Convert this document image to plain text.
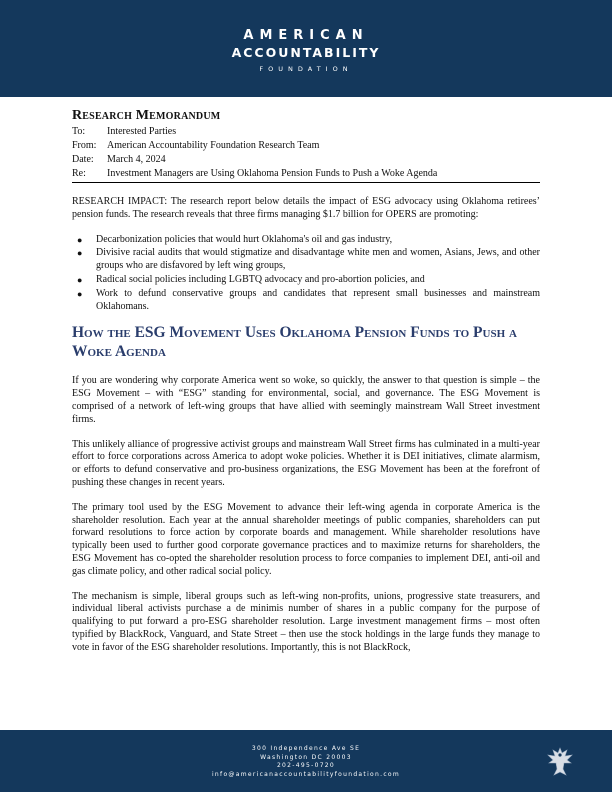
AMERICAN
ACCOUNTABILITY
FOUNDATION
Research Memorandum
To:	Interested Parties
From:	American Accountability Foundation Research Team
Date:	March 4, 2024
Re:	Investment Managers are Using Oklahoma Pension Funds to Push a Woke Agenda

RESEARCH IMPACT: The research report below details the impact of ESG advocacy using Oklahoma retirees’ pension funds. The research reveals that three firms managing $1.7 billion for OPERS are promoting:

● Decarbonization policies that would hurt Oklahoma's oil and gas industry,
● Divisive racial audits that would stigmatize and disadvantage white men and women, Asians, Jews, and other groups who are disfavored by left wing groups,
● Radical social policies including LGBTQ advocacy and pro-abortion policies, and
● Work to defund conservative groups and candidates that represent small businesses and mainstream Oklahomans.
How the ESG Movement Uses Oklahoma Pension Funds to Push a Woke Agenda

If you are wondering why corporate America went so woke, so quickly, the answer to that question is simple – the ESG Movement – with “ESG” standing for environmental, social, and governance. The ESG Movement is comprised of a network of left-wing groups that have allied with seemingly mainstream Wall Street investment firms.

This unlikely alliance of progressive activist groups and mainstream Wall Street firms has culminated in a multi-year effort to force corporations across America to adopt woke policies. Whether it is DEI initiatives, climate alarmism, or efforts to defund conservative and pro-business organizations, the ESG Movement has been at the forefront of pushing these changes in recent years.

The primary tool used by the ESG Movement to advance their left-wing agenda in corporate America is the shareholder resolution. Each year at the annual shareholder meetings of public companies, shareholders can put forward resolutions to force action by corporate boards and management. While shareholder resolutions have typically been used to further good corporate governance practices and to maximize returns for shareholders, the ESG Movement has co-opted the shareholder resolution process to force companies to implement DEI, anti-oil and gas climate policy, and other radical social policy.

The mechanism is simple, liberal groups such as left-wing non-profits, unions, progressive state treasurers, and individual liberal activists purchase a de minimis number of shares in a public company for the purpose of qualifying to put forward a pro-ESG shareholder resolution. Large investment management firms – most often typified by BlackRock, Vanguard, and State Street – then use the stock holdings in the large funds they manage to vote in favor of the ESG shareholder resolutions. Importantly, this is not BlackRock,

300 Independence Ave SE
Washington DC 20003
202-495-0720
info@americanaccountabilityfoundation.com
